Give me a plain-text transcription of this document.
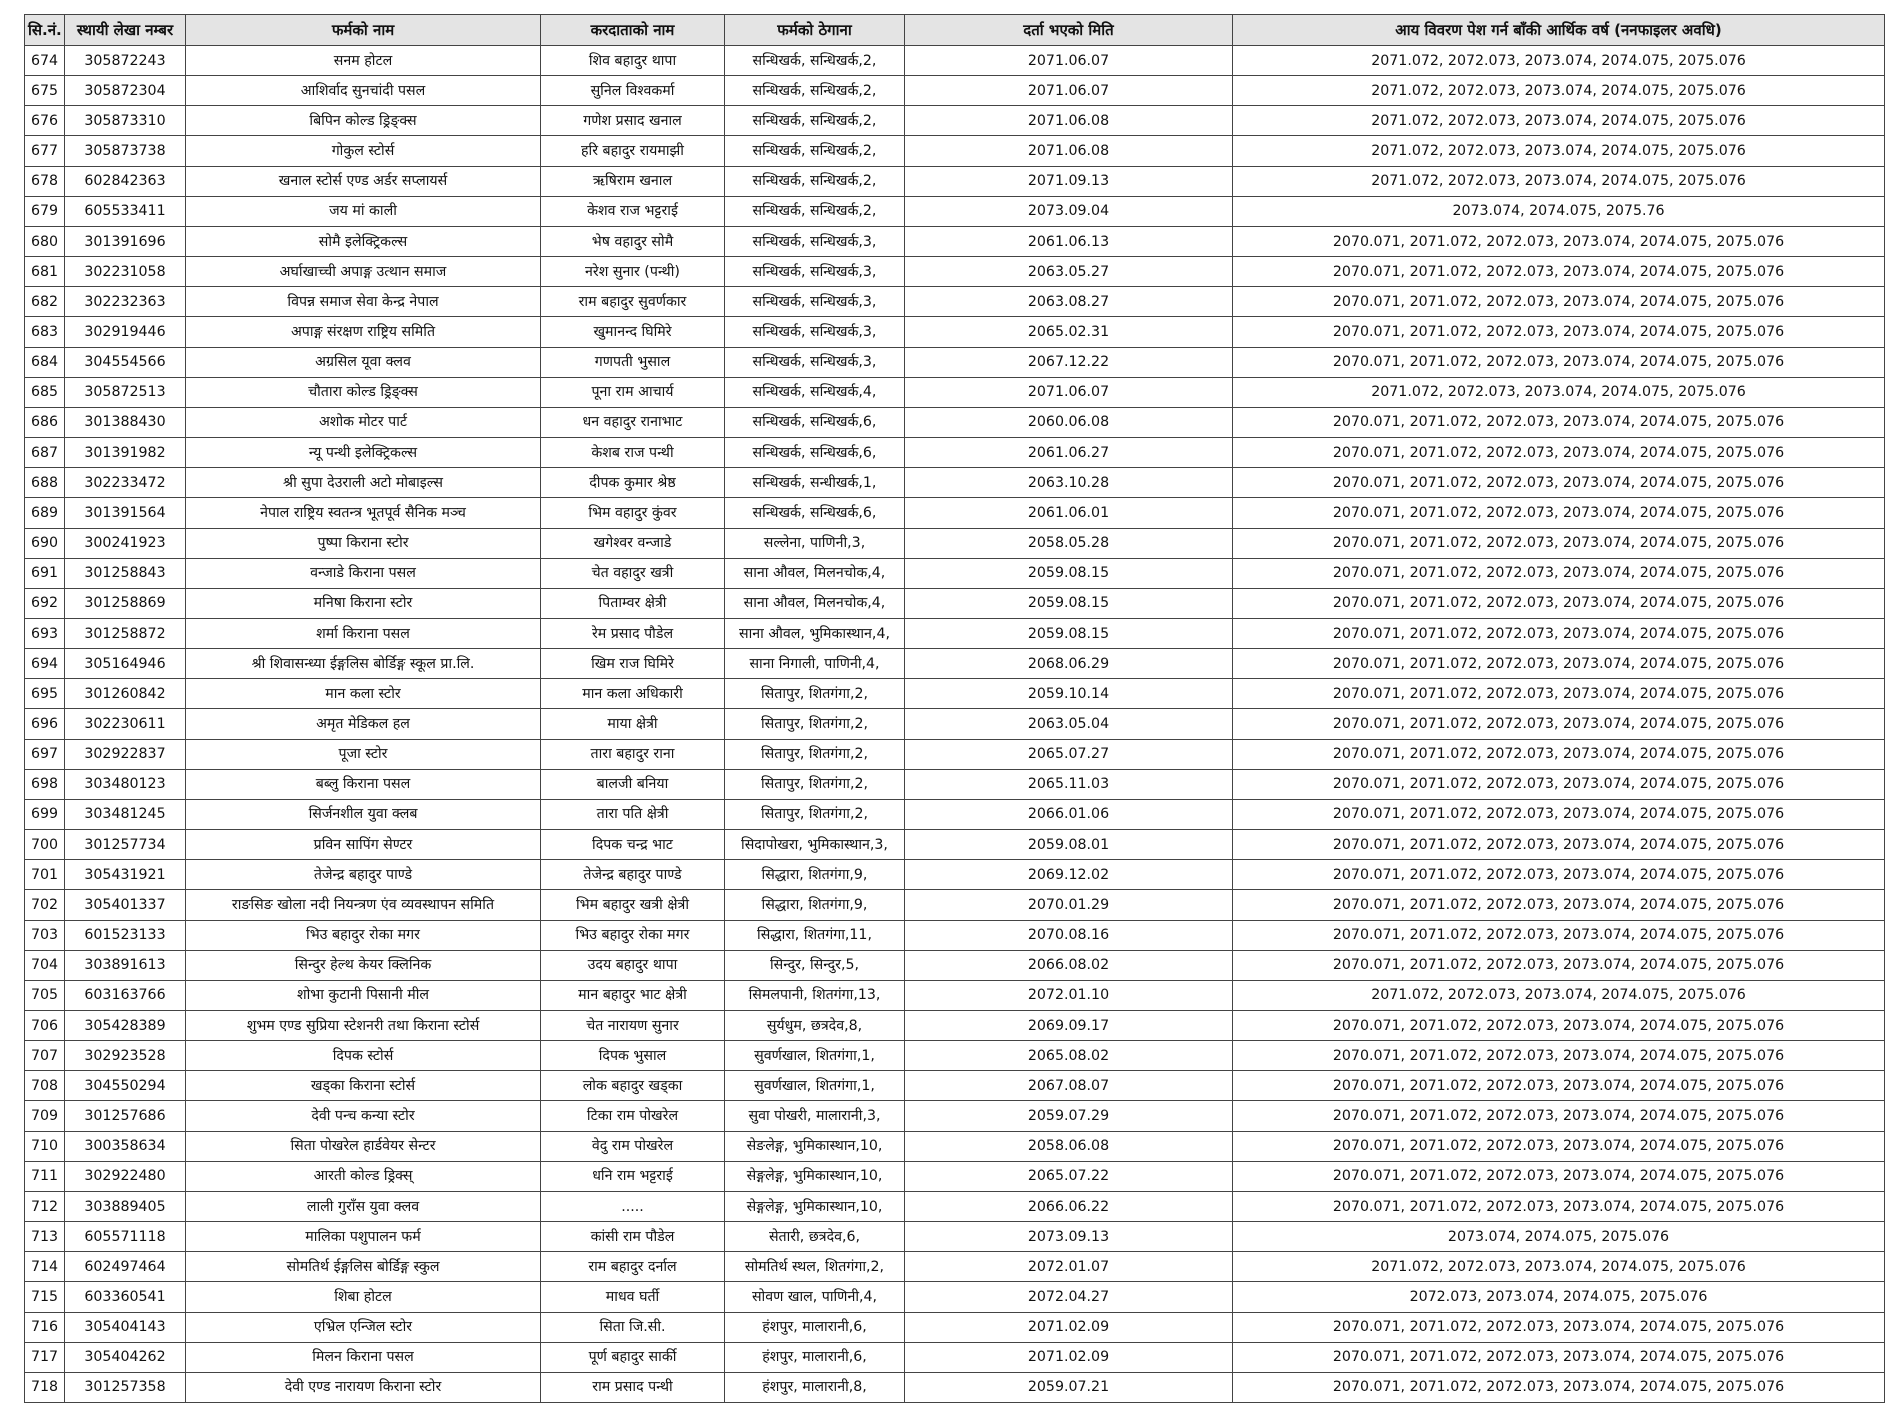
सि.नं.	स्थायी लेखा नम्बर	फर्मको नाम	करदाताको नाम	फर्मको ठेगाना	दर्ता भएको मिति	आय विवरण पेश गर्न बाँकी आर्थिक वर्ष (ननफाइलर अवधि)
674	305872243	सनम होटल	शिव बहादुर थापा	सन्धिखर्क, सन्धिखर्क,2,	2071.06.07	2071.072, 2072.073, 2073.074, 2074.075, 2075.076
675	305872304	आशिर्वाद सुनचांदी पसल	सुनिल विश्वकर्मा	सन्धिखर्क, सन्धिखर्क,2,	2071.06.07	2071.072, 2072.073, 2073.074, 2074.075, 2075.076
676	305873310	बिपिन कोल्ड ड्रिङ्क्स	गणेश प्रसाद खनाल	सन्धिखर्क, सन्धिखर्क,2,	2071.06.08	2071.072, 2072.073, 2073.074, 2074.075, 2075.076
677	305873738	गोकुल स्टोर्स	हरि बहादुर रायमाझी	सन्धिखर्क, सन्धिखर्क,2,	2071.06.08	2071.072, 2072.073, 2073.074, 2074.075, 2075.076
678	602842363	खनाल स्टोर्स एण्ड अर्डर सप्लायर्स	ऋषिराम खनाल	सन्धिखर्क, सन्धिखर्क,2,	2071.09.13	2071.072, 2072.073, 2073.074, 2074.075, 2075.076
679	605533411	जय मां काली	केशव राज भट्टराई	सन्धिखर्क, सन्धिखर्क,2,	2073.09.04	2073.074, 2074.075, 2075.76
680	301391696	सोमै इलेक्ट्रिकल्स	भेष वहादुर सोमै	सन्धिखर्क, सन्धिखर्क,3,	2061.06.13	2070.071, 2071.072, 2072.073, 2073.074, 2074.075, 2075.076
681	302231058	अर्घाखाच्ची अपाङ्ग उत्थान समाज	नरेश सुनार (पन्थी)	सन्धिखर्क, सन्धिखर्क,3,	2063.05.27	2070.071, 2071.072, 2072.073, 2073.074, 2074.075, 2075.076
682	302232363	विपन्न समाज सेवा केन्द्र नेपाल	राम बहादुर सुवर्णकार	सन्धिखर्क, सन्धिखर्क,3,	2063.08.27	2070.071, 2071.072, 2072.073, 2073.074, 2074.075, 2075.076
683	302919446	अपाङ्ग संरक्षण राष्ट्रिय समिति	खुमानन्द घिमिरे	सन्धिखर्क, सन्धिखर्क,3,	2065.02.31	2070.071, 2071.072, 2072.073, 2073.074, 2074.075, 2075.076
684	304554566	अग्रसिल यूवा क्लव	गणपती भुसाल	सन्धिखर्क, सन्धिखर्क,3,	2067.12.22	2070.071, 2071.072, 2072.073, 2073.074, 2074.075, 2075.076
685	305872513	चौतारा कोल्ड ड्रिङ्क्स	पूना राम आचार्य	सन्धिखर्क, सन्धिखर्क,4,	2071.06.07	2071.072, 2072.073, 2073.074, 2074.075, 2075.076
686	301388430	अशोक मोटर पार्ट	धन वहादुर रानाभाट	सन्धिखर्क, सन्धिखर्क,6,	2060.06.08	2070.071, 2071.072, 2072.073, 2073.074, 2074.075, 2075.076
687	301391982	न्यू पन्थी इलेक्ट्रिकल्स	केशब राज पन्थी	सन्धिखर्क, सन्धिखर्क,6,	2061.06.27	2070.071, 2071.072, 2072.073, 2073.074, 2074.075, 2075.076
688	302233472	श्री सुपा देउराली अटो मोबाइल्स	दीपक कुमार श्रेष्ठ	सन्धिखर्क, सन्धीखर्क,1,	2063.10.28	2070.071, 2071.072, 2072.073, 2073.074, 2074.075, 2075.076
689	301391564	नेपाल राष्ट्रिय स्वतन्त्र भूतपूर्व सैनिक मञ्च	भिम वहादुर कुंवर	सन्धिखर्क, सन्धिखर्क,6,	2061.06.01	2070.071, 2071.072, 2072.073, 2073.074, 2074.075, 2075.076
690	300241923	पुष्पा किराना स्टोर	खगेश्वर वन्जाडे	सल्लेना, पाणिनी,3,	2058.05.28	2070.071, 2071.072, 2072.073, 2073.074, 2074.075, 2075.076
691	301258843	वन्जाडे किराना पसल	चेत वहादुर खत्री	साना औवल, मिलनचोक,4,	2059.08.15	2070.071, 2071.072, 2072.073, 2073.074, 2074.075, 2075.076
692	301258869	मनिषा किराना स्टोर	पिताम्वर क्षेत्री	साना औवल, मिलनचोक,4,	2059.08.15	2070.071, 2071.072, 2072.073, 2073.074, 2074.075, 2075.076
693	301258872	शर्मा किराना पसल	रेम प्रसाद पौडेल	साना औवल, भुमिकास्थान,4,	2059.08.15	2070.071, 2071.072, 2072.073, 2073.074, 2074.075, 2075.076
694	305164946	श्री शिवासन्ध्या ईङ्गलिस बोर्डिङ्ग स्कूल प्रा.लि.	खिम राज घिमिरे	साना निगाली, पाणिनी,4,	2068.06.29	2070.071, 2071.072, 2072.073, 2073.074, 2074.075, 2075.076
695	301260842	मान कला स्टोर	मान कला अधिकारी	सितापुर, शितगंगा,2,	2059.10.14	2070.071, 2071.072, 2072.073, 2073.074, 2074.075, 2075.076
696	302230611	अमृत मेडिकल हल	माया क्षेत्री	सितापुर, शितगंगा,2,	2063.05.04	2070.071, 2071.072, 2072.073, 2073.074, 2074.075, 2075.076
697	302922837	पूजा स्टोर	तारा बहादुर राना	सितापुर, शितगंगा,2,	2065.07.27	2070.071, 2071.072, 2072.073, 2073.074, 2074.075, 2075.076
698	303480123	बब्लु किराना पसल	बालजी बनिया	सितापुर, शितगंगा,2,	2065.11.03	2070.071, 2071.072, 2072.073, 2073.074, 2074.075, 2075.076
699	303481245	सिर्जनशील युवा क्लब	तारा पति क्षेत्री	सितापुर, शितगंगा,2,	2066.01.06	2070.071, 2071.072, 2072.073, 2073.074, 2074.075, 2075.076
700	301257734	प्रविन सापिंग सेण्टर	दिपक चन्द्र भाट	सिदापोखरा, भुमिकास्थान,3,	2059.08.01	2070.071, 2071.072, 2072.073, 2073.074, 2074.075, 2075.076
701	305431921	तेजेन्द्र बहादुर पाण्डे	तेजेन्द्र बहादुर पाण्डे	सिद्धारा, शितगंगा,9,	2069.12.02	2070.071, 2071.072, 2072.073, 2073.074, 2074.075, 2075.076
702	305401337	राङसिङ खोला नदी नियन्त्रण एंव व्यवस्थापन समिति	भिम बहादुर खत्री क्षेत्री	सिद्धारा, शितगंगा,9,	2070.01.29	2070.071, 2071.072, 2072.073, 2073.074, 2074.075, 2075.076
703	601523133	भिउ बहादुर रोका मगर	भिउ बहादुर रोका मगर	सिद्धारा, शितगंगा,11,	2070.08.16	2070.071, 2071.072, 2072.073, 2073.074, 2074.075, 2075.076
704	303891613	सिन्दुर हेल्थ केयर क्लिनिक	उदय बहादुर थापा	सिन्दुर, सिन्दुर,5,	2066.08.02	2070.071, 2071.072, 2072.073, 2073.074, 2074.075, 2075.076
705	603163766	शोभा कुटानी पिसानी मील	मान बहादुर भाट क्षेत्री	सिमलपानी, शितगंगा,13,	2072.01.10	2071.072, 2072.073, 2073.074, 2074.075, 2075.076
706	305428389	शुभम एण्ड सुप्रिया स्टेशनरी तथा किराना स्टोर्स	चेत नारायण सुनार	सुर्यधुम, छत्रदेव,8,	2069.09.17	2070.071, 2071.072, 2072.073, 2073.074, 2074.075, 2075.076
707	302923528	दिपक स्टोर्स	दिपक भुसाल	सुवर्णखाल, शितगंगा,1,	2065.08.02	2070.071, 2071.072, 2072.073, 2073.074, 2074.075, 2075.076
708	304550294	खड्का किराना स्टोर्स	लोक बहादुर खड्का	सुवर्णखाल, शितगंगा,1,	2067.08.07	2070.071, 2071.072, 2072.073, 2073.074, 2074.075, 2075.076
709	301257686	देवी पन्च कन्या स्टोर	टिका राम पोखरेल	सुवा पोखरी, मालारानी,3,	2059.07.29	2070.071, 2071.072, 2072.073, 2073.074, 2074.075, 2075.076
710	300358634	सिता पोखरेल हार्डवेयर सेन्टर	वेदु राम पोखरेल	सेङलेङ्ग, भुमिकास्थान,10,	2058.06.08	2070.071, 2071.072, 2072.073, 2073.074, 2074.075, 2075.076
711	302922480	आरती कोल्ड ड्रिक्स्	धनि राम भट्टराई	सेङ्गलेङ्ग, भुमिकास्थान,10,	2065.07.22	2070.071, 2071.072, 2072.073, 2073.074, 2074.075, 2075.076
712	303889405	लाली गुराँस युवा क्लव	.....	सेङ्गलेङ्ग, भुमिकास्थान,10,	2066.06.22	2070.071, 2071.072, 2072.073, 2073.074, 2074.075, 2075.076
713	605571118	मालिका पशुपालन फर्म	कांसी राम पौडेल	सेतारी, छत्रदेव,6,	2073.09.13	2073.074, 2074.075, 2075.076
714	602497464	सोमतिर्थ ईङ्गलिस बोर्डिङ्ग स्कुल	राम बहादुर दर्नाल	सोमतिर्थ स्थल, शितगंगा,2,	2072.01.07	2071.072, 2072.073, 2073.074, 2074.075, 2075.076
715	603360541	शिबा होटल	माधव घर्ती	सोवण खाल, पाणिनी,4,	2072.04.27	2072.073, 2073.074, 2074.075, 2075.076
716	305404143	एभ्रिल एन्जिल स्टोर	सिता जि.सी.	हंशपुर, मालारानी,6,	2071.02.09	2070.071, 2071.072, 2072.073, 2073.074, 2074.075, 2075.076
717	305404262	मिलन किराना पसल	पूर्ण बहादुर सार्की	हंशपुर, मालारानी,6,	2071.02.09	2070.071, 2071.072, 2072.073, 2073.074, 2074.075, 2075.076
718	301257358	देवी एण्ड नारायण किराना स्टोर	राम प्रसाद पन्थी	हंशपुर, मालारानी,8,	2059.07.21	2070.071, 2071.072, 2072.073, 2073.074, 2074.075, 2075.076
